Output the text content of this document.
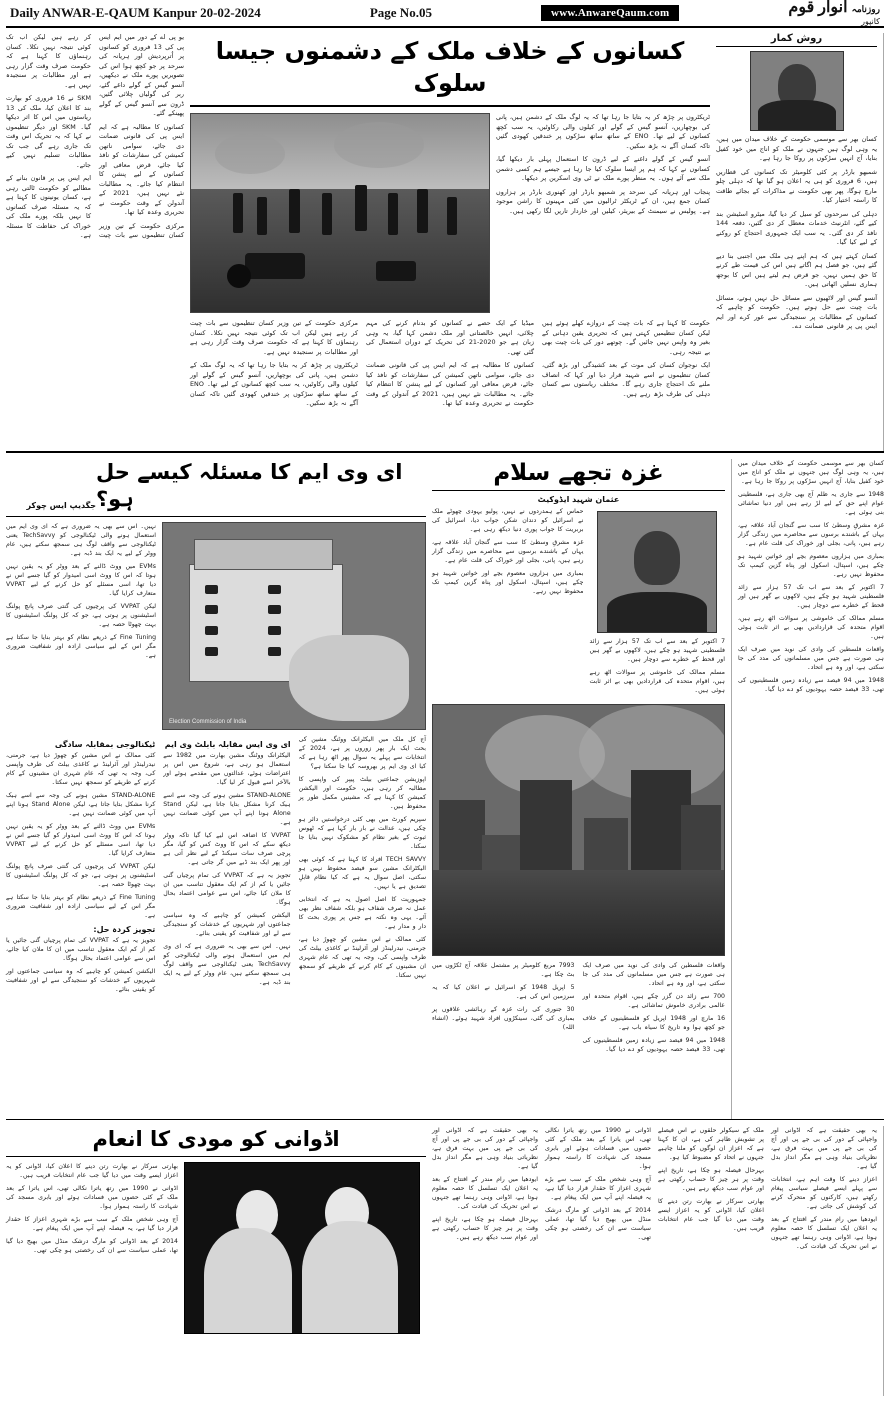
Daily ANWAR-E-QAUM Kanpur 20-02-2024	Page No.05	www.AnwareQaum.com	روزنامہ انوار قوم
کانپور

یو پی اے کے دور میں ایم ایس پی کی 13 فروری کو کسانوں پر اُترپردیش اور ہریانہ کی سرحد پر جو کچھ ہوا اس کی تصویریں پورے ملک نے دیکھیں، آنسو گیس کے گولے داغے گئے، ربر کی گولیاں چلائی گئیں، ڈرون سے آنسو گیس کے گولے پھینکے گئے۔

کسانوں کا مطالبہ ہے کہ ایم ایس پی کی قانونی ضمانت دی جائے، سوامی ناتھن کمیشن کی سفارشات کو نافذ کیا جائے، قرض معافی اور کسانوں کے لیے پنشن کا انتظام کیا جائے۔ یہ مطالبات نئے نہیں ہیں، 2021 کے آندولن کے وقت حکومت نے تحریری وعدہ کیا تھا۔

مرکزی حکومت کے تین وزیر کسان تنظیموں سے بات چیت کر رہے ہیں لیکن اب تک کوئی نتیجہ نہیں نکلا۔ کسان رہنماؤں کا کہنا ہے کہ حکومت صرف وقت گزار رہی ہے اور مطالبات پر سنجیدہ نہیں ہے۔

SKM نے 16 فروری کو بھارت بند کا اعلان کیا، ملک کی 13 ریاستوں میں اس کا اثر دیکھا گیا۔ SKM اور دیگر تنظیموں نے کہا کہ یہ تحریک اس وقت تک جاری رہے گی جب تک مطالبات تسلیم نہیں کیے جاتے۔

ایم ایس پی پر قانون بنانے کے مطالبے کو حکومت ٹالتی رہی ہے، کسان یونینوں کا کہنا ہے کہ یہ مسئلہ صرف کسانوں کا نہیں بلکہ پورے ملک کی خوراک کی حفاظت کا مسئلہ ہے۔

کسانوں کے خلاف ملک کے دشمنوں جیسا سلوک

ٹریکٹروں پر چڑھ کر یہ بتایا جا رہا تھا کہ یہ لوگ ملک کے دشمن ہیں، پانی کی بوچھاریں، آنسو گیس کے گولے اور کیلوں والی رکاوٹیں، یہ سب کچھ کسانوں کے لیے تھا۔ ENO کے ساتھ ساتھ سڑکوں پر خندقیں کھودی گئیں تاکہ کسان آگے نہ بڑھ سکیں۔

آنسو گیس کے گولے داغنے کے لیے ڈرون کا استعمال پہلی بار دیکھا گیا، کسانوں نے کہا کہ ہم پر ایسا سلوک کیا جا رہا ہے جیسے ہم کسی دشمن ملک سے آئے ہوں۔ یہ منظر پورے ملک نے ٹی وی اسکرین پر دیکھا۔

پنجاب اور ہریانہ کی سرحد پر شمبھو بارڈر اور کھنوری بارڈر پر ہزاروں کسان جمع ہیں، ان کے ٹریکٹر ٹرالیوں میں کئی مہینوں کا راشن موجود ہے۔ پولیس نے سیمنٹ کے بیریئر، کیلیں اور خاردار تاریں لگا رکھی ہیں۔

حکومت کا کہنا ہے کہ بات چیت کے دروازے کھلے ہوئے ہیں لیکن کسان تنظیمیں کہتی ہیں کہ تحریری یقین دہانی کے بغیر وہ واپس نہیں جائیں گے۔ چوتھے دور کی بات چیت بھی بے نتیجہ رہی۔

ایک نوجوان کسان کی موت کے بعد کشیدگی اور بڑھ گئی، کسان تنظیموں نے اسے شہید قرار دیا اور کہا کہ انصاف ملنے تک احتجاج جاری رہے گا۔ مختلف ریاستوں سے کسان دہلی کی طرف بڑھ رہے ہیں۔

میڈیا کے ایک حصے نے کسانوں کو بدنام کرنے کی مہم چلائی، انہیں خالصتانی اور ملک دشمن کہا گیا، یہ وہی زبان ہے جو 2020-21 کی تحریک کے دوران استعمال کی گئی تھی۔

کسانوں کا مطالبہ ہے کہ ایم ایس پی کی قانونی ضمانت دی جائے، سوامی ناتھن کمیشن کی سفارشات کو نافذ کیا جائے، قرض معافی اور کسانوں کے لیے پنشن کا انتظام کیا جائے۔ یہ مطالبات نئے نہیں ہیں، 2021 کے آندولن کے وقت حکومت نے تحریری وعدہ کیا تھا۔

مرکزی حکومت کے تین وزیر کسان تنظیموں سے بات چیت کر رہے ہیں لیکن اب تک کوئی نتیجہ نہیں نکلا۔ کسان رہنماؤں کا کہنا ہے کہ حکومت صرف وقت گزار رہی ہے اور مطالبات پر سنجیدہ نہیں ہے۔

ٹریکٹروں پر چڑھ کر یہ بتایا جا رہا تھا کہ یہ لوگ ملک کے دشمن ہیں، پانی کی بوچھاریں، آنسو گیس کے گولے اور کیلوں والی رکاوٹیں، یہ سب کچھ کسانوں کے لیے تھا۔ ENO کے ساتھ ساتھ سڑکوں پر خندقیں کھودی گئیں تاکہ کسان آگے نہ بڑھ سکیں۔

روش کمار

کسان بھر سے موسمی حکومت کے خلاف میدان میں ہیں، یہ وہی لوگ ہیں جنہوں نے ملک کو اناج میں خود کفیل بنایا، آج انہیں سڑکوں پر روکا جا رہا ہے۔

شمبھو بارڈر پر کئی کلومیٹر تک کسانوں کی قطاریں ہیں، 6 فروری کو ہی یہ اعلان ہو گیا تھا کہ دہلی چلو مارچ ہوگا، پھر بھی حکومت نے مذاکرات کے بجائے طاقت کا راستہ اختیار کیا۔

دہلی کی سرحدوں کو سیل کر دیا گیا، میٹرو اسٹیشن بند کیے گئے، انٹرنیٹ خدمات معطل کر دی گئیں، دفعہ 144 نافذ کر دی گئی۔ یہ سب ایک جمہوری احتجاج کو روکنے کے لیے کیا گیا۔

کسان کہتے ہیں کہ ہم اپنے ہی ملک میں اجنبی بنا دیے گئے ہیں، جو فصل ہم اگاتے ہیں اس کی قیمت طے کرنے کا حق ہمیں نہیں، جو قرض ہم لیتے ہیں اس کا بوجھ ہماری نسلیں اٹھاتی ہیں۔

آنسو گیس اور لاٹھیوں سے مسائل حل نہیں ہوتے، مسائل بات چیت سے حل ہوتے ہیں۔ حکومت کو چاہیے کہ کسانوں کے مطالبات پر سنجیدگی سے غور کرے اور ایم ایس پی پر قانونی ضمانت دے۔

جگدیپ ایس چوکر
ای وی ایم کا مسئلہ کیسے حل ہو؟

نہیں۔ اس سے بھی یہ ضروری ہے کہ ای وی ایم میں استعمال ہونے والی ٹیکنالوجی کو TechSavvy یعنی ٹیکنالوجی سے واقف لوگ ہی سمجھ سکتے ہیں، عام ووٹر کے لیے یہ ایک بند ڈبہ ہے۔

EVMs میں ووٹ ڈالنے کے بعد ووٹر کو یہ یقین نہیں ہوتا کہ اس کا ووٹ اسی امیدوار کو گیا جسے اس نے دیا تھا، اسی مسئلے کو حل کرنے کے لیے VVPAT متعارف کرایا گیا۔

لیکن VVPAT کی پرچیوں کی گنتی صرف پانچ پولنگ اسٹیشنوں پر ہوتی ہے، جو کہ کل پولنگ اسٹیشنوں کا بہت چھوٹا حصہ ہے۔

Fine Tuning کے ذریعے نظام کو بہتر بنایا جا سکتا ہے مگر اس کے لیے سیاسی ارادہ اور شفافیت ضروری ہے۔

Election Commission of India
ٹیکنالوجی بمقابلہ سادگی

کئی ممالک نے اس مشین کو چھوڑ دیا ہے، جرمنی، نیدرلینڈز اور آئرلینڈ نے کاغذی بیلٹ کی طرف واپسی کی، وجہ یہ تھی کہ عام شہری ان مشینوں کے کام کرنے کے طریقے کو سمجھ نہیں سکتا۔

STAND-ALONE مشین ہونے کی وجہ سے اسے ہیک کرنا مشکل بتایا جاتا ہے، لیکن Stand Alone ہونا اپنے آپ میں کوئی ضمانت نہیں ہے۔

EVMs میں ووٹ ڈالنے کے بعد ووٹر کو یہ یقین نہیں ہوتا کہ اس کا ووٹ اسی امیدوار کو گیا جسے اس نے دیا تھا، اسی مسئلے کو حل کرنے کے لیے VVPAT متعارف کرایا گیا۔

لیکن VVPAT کی پرچیوں کی گنتی صرف پانچ پولنگ اسٹیشنوں پر ہوتی ہے، جو کہ کل پولنگ اسٹیشنوں کا بہت چھوٹا حصہ ہے۔

Fine Tuning کے ذریعے نظام کو بہتر بنایا جا سکتا ہے مگر اس کے لیے سیاسی ارادہ اور شفافیت ضروری ہے۔

تجویز کردہ حل:

تجویز یہ ہے کہ VVPAT کی تمام پرچیاں گنی جائیں یا کم از کم ایک معقول تناسب میں ان کا ملان کیا جائے، اس سے عوامی اعتماد بحال ہوگا۔

الیکشن کمیشن کو چاہیے کہ وہ سیاسی جماعتوں اور شہریوں کے خدشات کو سنجیدگی سے لے اور شفافیت کو یقینی بنائے۔

ای وی ایس مقابلہ بابلٹ وی ایم

الیکٹرانک ووٹنگ مشین بھارت میں 1982 سے استعمال ہو رہی ہے، شروع میں اس پر اعتراضات ہوئے، عدالتوں میں مقدمے ہوئے اور بالآخر اسے قبول کر لیا گیا۔

STAND-ALONE مشین ہونے کی وجہ سے اسے ہیک کرنا مشکل بتایا جاتا ہے، لیکن Stand Alone ہونا اپنے آپ میں کوئی ضمانت نہیں ہے۔

VVPAT کا اضافہ اس لیے کیا گیا تاکہ ووٹر دیکھ سکے کہ اس کا ووٹ کس کو گیا، مگر پرچی صرف سات سیکنڈ کے لیے نظر آتی ہے اور پھر ایک بند ڈبے میں گر جاتی ہے۔

تجویز یہ ہے کہ VVPAT کی تمام پرچیاں گنی جائیں یا کم از کم ایک معقول تناسب میں ان کا ملان کیا جائے، اس سے عوامی اعتماد بحال ہوگا۔

الیکشن کمیشن کو چاہیے کہ وہ سیاسی جماعتوں اور شہریوں کے خدشات کو سنجیدگی سے لے اور شفافیت کو یقینی بنائے۔

نہیں۔ اس سے بھی یہ ضروری ہے کہ ای وی ایم میں استعمال ہونے والی ٹیکنالوجی کو TechSavvy یعنی ٹیکنالوجی سے واقف لوگ ہی سمجھ سکتے ہیں، عام ووٹر کے لیے یہ ایک بند ڈبہ ہے۔

آج کل ملک میں الیکٹرانک ووٹنگ مشین کی بحث ایک بار پھر زوروں پر ہے، 2024 کے انتخابات سے پہلے یہ سوال پھر اٹھ رہا ہے کہ کیا ای وی ایم پر بھروسہ کیا جا سکتا ہے؟

اپوزیشن جماعتیں بیلٹ پیپر کی واپسی کا مطالبہ کر رہی ہیں، حکومت اور الیکشن کمیشن کا کہنا ہے کہ مشینیں مکمل طور پر محفوظ ہیں۔

سپریم کورٹ میں بھی کئی درخواستیں دائر ہو چکی ہیں، عدالت نے بار بار کہا ہے کہ ٹھوس ثبوت کے بغیر نظام کو مشکوک نہیں بنایا جا سکتا۔

TECH SAVVY افراد کا کہنا ہے کہ کوئی بھی الیکٹرانک مشین سو فیصد محفوظ نہیں ہو سکتی، اصل سوال یہ ہے کہ کیا نظام قابلِ تصدیق ہے یا نہیں۔

جمہوریت کا اصل اصول یہ ہے کہ انتخابی عمل نہ صرف شفاف ہو بلکہ شفاف نظر بھی آئے۔ یہی وہ نکتہ ہے جس پر پوری بحث کا دار و مدار ہے۔

کئی ممالک نے اس مشین کو چھوڑ دیا ہے، جرمنی، نیدرلینڈز اور آئرلینڈ نے کاغذی بیلٹ کی طرف واپسی کی، وجہ یہ تھی کہ عام شہری ان مشینوں کے کام کرنے کے طریقے کو سمجھ نہیں سکتا۔

غزہ تجھے سلام
عثمان شہید ایڈوکیٹ

حماس کے ہمدردوں نے نہیں، پولیو یہودی چھوٹے ملک نے اسرائیل کو دندان شکن جواب دیا، اسرائیل کی بربریت کا جواب پوری دنیا دیکھ رہی ہے۔

غزہ مشرقِ وسطیٰ کا سب سے گنجان آباد علاقہ ہے، یہاں کے باشندے برسوں سے محاصرے میں زندگی گزار رہے ہیں، پانی، بجلی اور خوراک کی قلت عام ہے۔

بمباری میں ہزاروں معصوم بچے اور خواتین شہید ہو چکے ہیں، اسپتال، اسکول اور پناہ گزین کیمپ تک محفوظ نہیں رہے۔

7 اکتوبر کے بعد سے اب تک 57 ہزار سے زائد فلسطینی شہید ہو چکے ہیں، لاکھوں بے گھر ہیں اور قحط کے خطرے سے دوچار ہیں۔

مسلم ممالک کی خاموشی پر سوالات اٹھ رہے ہیں، اقوام متحدہ کی قراردادیں بھی بے اثر ثابت ہوئی ہیں۔

واقعات فلسطین کی وادی کی نوید میں صرف ایک ہی صورت ہے جس میں مسلمانوں کی مدد کی جا سکتی ہے، اور وہ ہے اتحاد۔

700 سے زائد دن گزر چکے ہیں، اقوام متحدہ اور عالمی برادری خاموش تماشائی ہے۔

16 مارچ اور 1948 اپریل کو فلسطینیوں کے خلاف جو کچھ ہوا وہ تاریخ کا سیاہ باب ہے۔

1948 میں 94 فیصد سے زیادہ زمین فلسطینیوں کی تھی، 33 فیصد حصہ یہودیوں کو دے دیا گیا۔

7993 مربع کلومیٹر پر مشتمل علاقہ آج ٹکڑوں میں بٹ چکا ہے۔

5 اپریل 1948 کو اسرائیل نے اعلان کیا کہ یہ سرزمین اس کی ہے۔

30 جنوری کی رات غزہ کے رہائشی علاقوں پر بمباری کی گئی، سینکڑوں افراد شہید ہوئے۔ (انشاء اللہ)

کسان بھر سے موسمی حکومت کے خلاف میدان میں ہیں، یہ وہی لوگ ہیں جنہوں نے ملک کو اناج میں خود کفیل بنایا، آج انہیں سڑکوں پر روکا جا رہا ہے۔

1948 سے جاری یہ ظلم آج بھی جاری ہے، فلسطینی عوام اپنے حق کے لیے لڑ رہے ہیں اور دنیا تماشائی بنی ہوئی ہے۔

غزہ مشرقِ وسطیٰ کا سب سے گنجان آباد علاقہ ہے، یہاں کے باشندے برسوں سے محاصرے میں زندگی گزار رہے ہیں، پانی، بجلی اور خوراک کی قلت عام ہے۔

بمباری میں ہزاروں معصوم بچے اور خواتین شہید ہو چکے ہیں، اسپتال، اسکول اور پناہ گزین کیمپ تک محفوظ نہیں رہے۔

7 اکتوبر کے بعد سے اب تک 57 ہزار سے زائد فلسطینی شہید ہو چکے ہیں، لاکھوں بے گھر ہیں اور قحط کے خطرے سے دوچار ہیں۔

مسلم ممالک کی خاموشی پر سوالات اٹھ رہے ہیں، اقوام متحدہ کی قراردادیں بھی بے اثر ثابت ہوئی ہیں۔

واقعات فلسطین کی وادی کی نوید میں صرف ایک ہی صورت ہے جس میں مسلمانوں کی مدد کی جا سکتی ہے، اور وہ ہے اتحاد۔

1948 میں 94 فیصد سے زیادہ زمین فلسطینیوں کی تھی، 33 فیصد حصہ یہودیوں کو دے دیا گیا۔

اڈوانی کو مودی کا انعام

بھارتی سرکار نے بھارت رتن دینے کا اعلان کیا، اڈوانی کو یہ اعزاز ایسے وقت میں دیا گیا جب عام انتخابات قریب ہیں۔

اڈوانی نے 1990 میں رتھ یاترا نکالی تھی، اس یاترا کے بعد ملک کے کئی حصوں میں فسادات ہوئے اور بابری مسجد کی شہادت کا راستہ ہموار ہوا۔

آج وہی شخص ملک کے سب سے بڑے شہری اعزاز کا حقدار قرار دیا گیا ہے، یہ فیصلہ اپنے آپ میں ایک پیغام ہے۔

2014 کے بعد اڈوانی کو مارگ درشک منڈل میں بھیج دیا گیا تھا، عملی سیاست سے ان کی رخصتی ہو چکی تھی۔

یہ بھی حقیقت ہے کہ اڈوانی اور واجپائی کے دور کی بی جے پی اور آج کی بی جے پی میں بہت فرق ہے، نظریاتی بنیاد وہی ہے مگر انداز بدل گیا ہے۔

اعزاز دینے کا وقت اہم ہے، انتخابات سے پہلے ایسے فیصلے سیاسی پیغام رکھتے ہیں، کارکنوں کو متحرک کرنے کی کوشش کی جاتی ہے۔

ایودھیا میں رام مندر کے افتتاح کے بعد یہ اعلان ایک تسلسل کا حصہ معلوم ہوتا ہے، اڈوانی وہی رہنما تھے جنہوں نے اس تحریک کی قیادت کی۔

ملک کے سیکولر حلقوں نے اس فیصلے پر تشویش ظاہر کی ہے، ان کا کہنا ہے کہ اعزاز ان لوگوں کو ملنا چاہیے جنہوں نے اتحاد کو مضبوط کیا ہو۔

بہرحال فیصلہ ہو چکا ہے، تاریخ اپنے وقت پر ہر چیز کا حساب رکھتی ہے اور عوام سب دیکھ رہے ہیں۔

بھارتی سرکار نے بھارت رتن دینے کا اعلان کیا، اڈوانی کو یہ اعزاز ایسے وقت میں دیا گیا جب عام انتخابات قریب ہیں۔

اڈوانی نے 1990 میں رتھ یاترا نکالی تھی، اس یاترا کے بعد ملک کے کئی حصوں میں فسادات ہوئے اور بابری مسجد کی شہادت کا راستہ ہموار ہوا۔

آج وہی شخص ملک کے سب سے بڑے شہری اعزاز کا حقدار قرار دیا گیا ہے، یہ فیصلہ اپنے آپ میں ایک پیغام ہے۔

2014 کے بعد اڈوانی کو مارگ درشک منڈل میں بھیج دیا گیا تھا، عملی سیاست سے ان کی رخصتی ہو چکی تھی۔

یہ بھی حقیقت ہے کہ اڈوانی اور واجپائی کے دور کی بی جے پی اور آج کی بی جے پی میں بہت فرق ہے، نظریاتی بنیاد وہی ہے مگر انداز بدل گیا ہے۔

ایودھیا میں رام مندر کے افتتاح کے بعد یہ اعلان ایک تسلسل کا حصہ معلوم ہوتا ہے، اڈوانی وہی رہنما تھے جنہوں نے اس تحریک کی قیادت کی۔

بہرحال فیصلہ ہو چکا ہے، تاریخ اپنے وقت پر ہر چیز کا حساب رکھتی ہے اور عوام سب دیکھ رہے ہیں۔
